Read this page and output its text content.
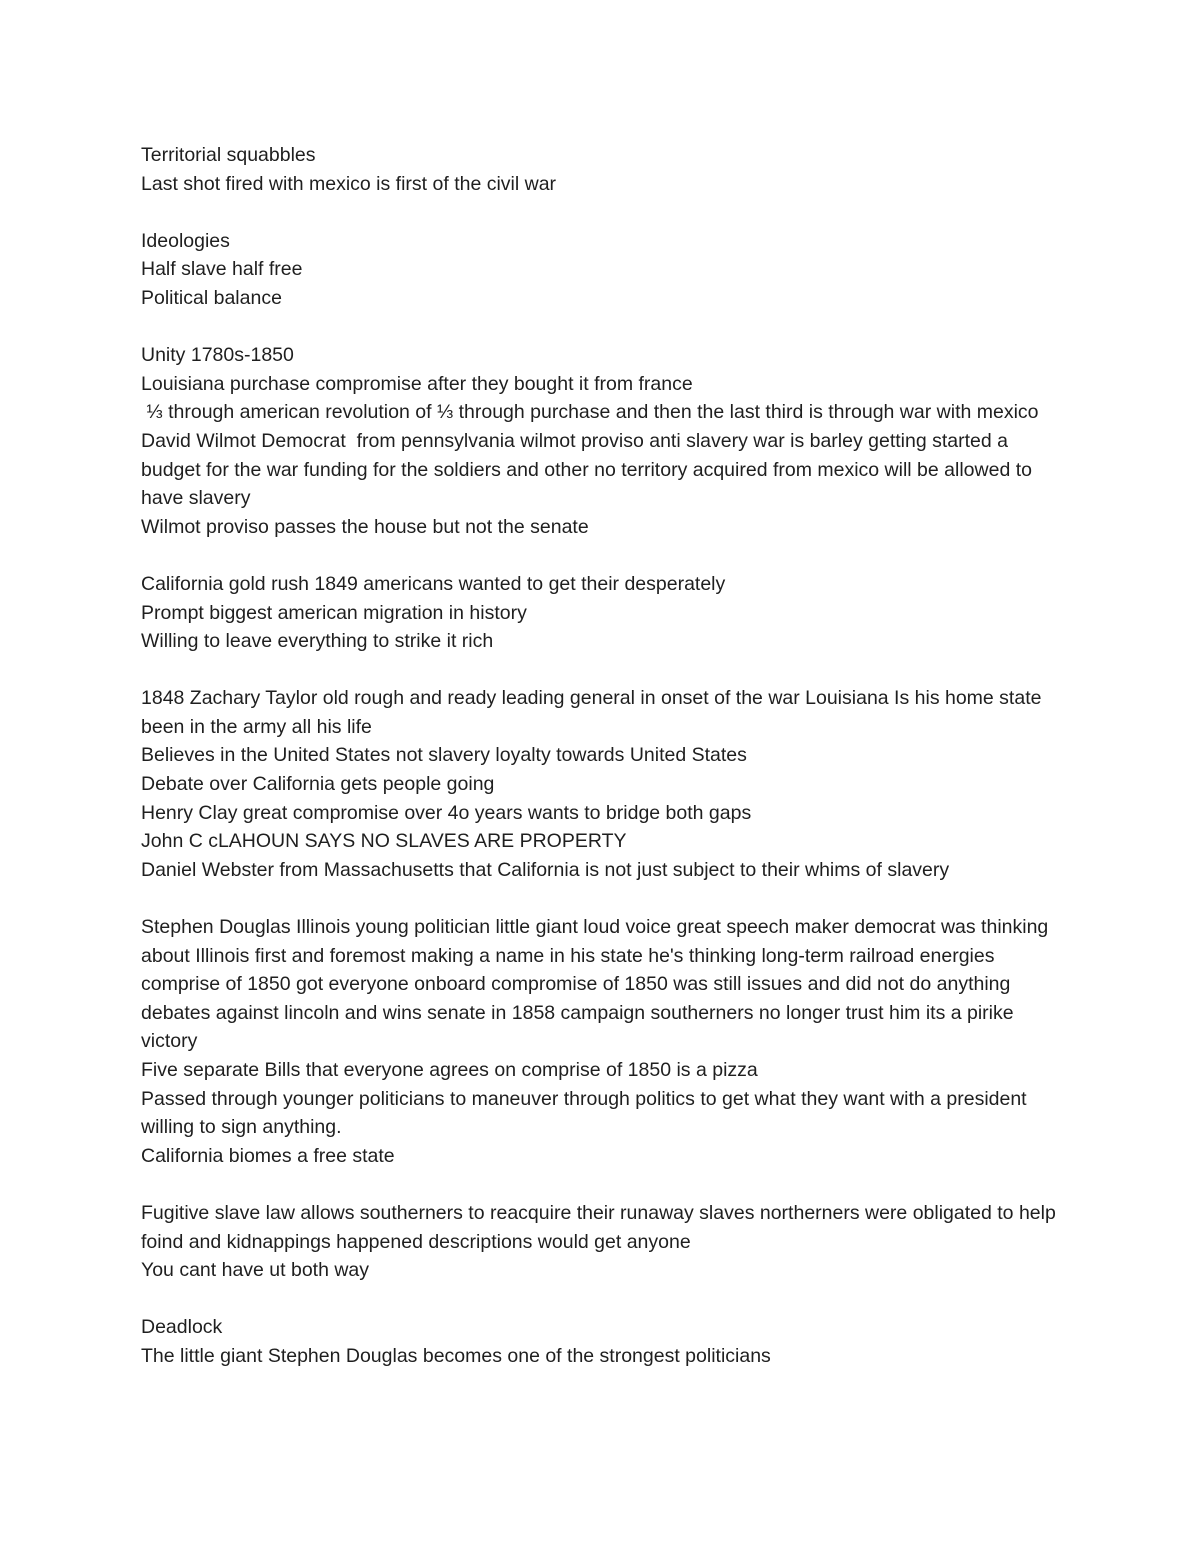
Territorial squabbles
Last shot fired with mexico is first of the civil war
Ideologies
Half slave half free
Political balance
Unity 1780s-1850
Louisiana purchase compromise after they bought it from france
⅓ through american revolution of ⅓ through purchase and then the last third is through war with mexico
David Wilmot Democrat  from pennsylvania wilmot proviso anti slavery war is barley getting started a budget for the war funding for the soldiers and other no territory acquired from mexico will be allowed to have slavery
Wilmot proviso passes the house but not the senate
California gold rush 1849 americans wanted to get their desperately
Prompt biggest american migration in history
Willing to leave everything to strike it rich
1848 Zachary Taylor old rough and ready leading general in onset of the war Louisiana Is his home state been in the army all his life
Believes in the United States not slavery loyalty towards United States
Debate over California gets people going
Henry Clay great compromise over 4o years wants to bridge both gaps
John C cLAHOUN SAYS NO SLAVES ARE PROPERTY
Daniel Webster from Massachusetts that California is not just subject to their whims of slavery
Stephen Douglas Illinois young politician little giant loud voice great speech maker democrat was thinking about Illinois first and foremost making a name in his state he's thinking long-term railroad energies comprise of 1850 got everyone onboard compromise of 1850 was still issues and did not do anything debates against lincoln and wins senate in 1858 campaign southerners no longer trust him its a pirike victory
Five separate Bills that everyone agrees on comprise of 1850 is a pizza
Passed through younger politicians to maneuver through politics to get what they want with a president willing to sign anything.
California biomes a free state
Fugitive slave law allows southerners to reacquire their runaway slaves northerners were obligated to help foind and kidnappings happened descriptions would get anyone
You cant have ut both way
Deadlock
The little giant Stephen Douglas becomes one of the strongest politicians
